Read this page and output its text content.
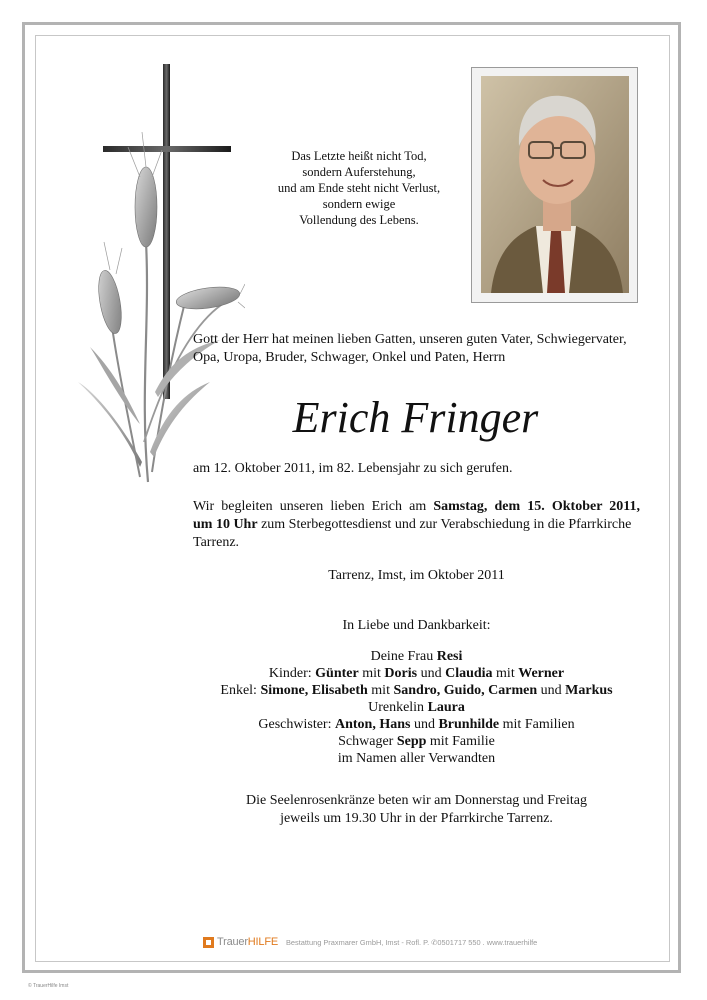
Das Letzte heißt nicht Tod,
sondern Auferstehung,
und am Ende steht nicht Verlust,
sondern ewige
Vollendung des Lebens.
Gott der Herr hat meinen lieben Gatten, unseren guten Vater, Schwiegervater,
Opa, Uropa, Bruder, Schwager, Onkel und Paten, Herrn
Erich Fringer
am 12. Oktober 2011, im 82. Lebensjahr zu sich gerufen.
Wir begleiten unseren lieben Erich am Samstag, dem 15. Oktober 2011,
um 10 Uhr zum Sterbegottesdienst und zur Verabschiedung in die Pfarrkirche
Tarrenz.
Tarrenz, Imst, im Oktober 2011
In Liebe und Dankbarkeit:
Deine Frau Resi
Kinder: Günter mit Doris und Claudia mit Werner
Enkel: Simone, Elisabeth mit Sandro, Guido, Carmen und Markus
Urenkelin Laura
Geschwister: Anton, Hans und Brunhilde mit Familien
Schwager Sepp mit Familie
im Namen aller Verwandten
Die Seelenrosenkränze beten wir am Donnerstag und Freitag
jeweils um 19.30 Uhr in der Pfarrkirche Tarrenz.
Trauer HILFE Bestattung Praxmarer GmbH, Imst - Rofl. P. ✆0501717 550 . www.trauerhilfe
© TrauerHilfe Imst
